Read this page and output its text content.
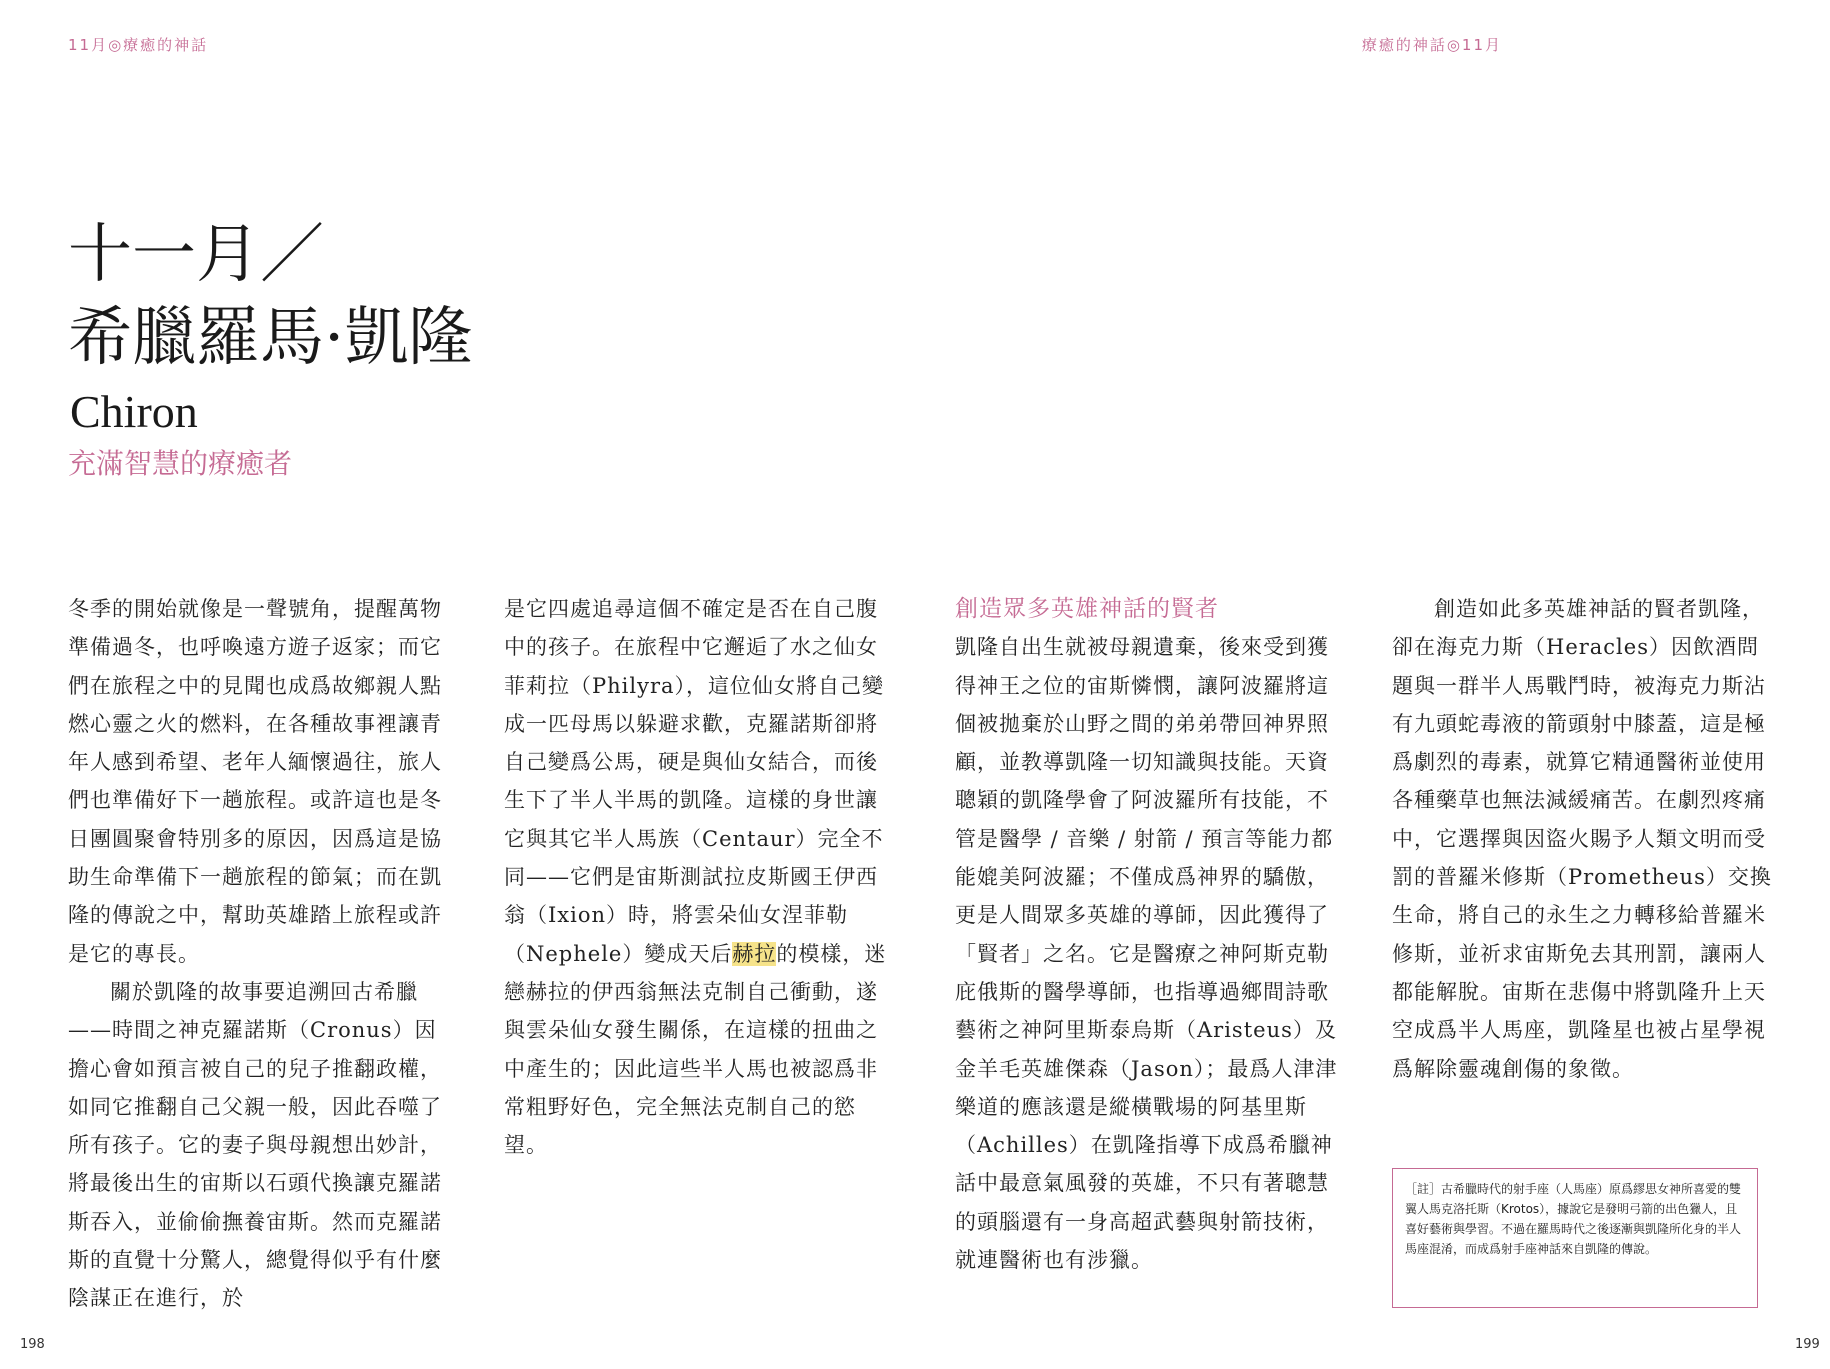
11月◎療癒的神話	療癒的神話◎11月
十一月／
希臘羅馬·凱隆
Chiron
充滿智慧的療癒者

冬季的開始就像是一聲號角，提醒萬物準備過冬，也呼喚遠方遊子返家；而它們在旅程之中的見聞也成爲故鄉親人點燃心靈之火的燃料，在各種故事裡讓青年人感到希望、老年人緬懷過往，旅人們也準備好下一趟旅程。或許這也是冬日團圓聚會特別多的原因，因爲這是協助生命準備下一趟旅程的節氣；而在凱隆的傳說之中，幫助英雄踏上旅程或許是它的專長。

關於凱隆的故事要追溯回古希臘——時間之神克羅諾斯（Cronus）因擔心會如預言被自己的兒子推翻政權，如同它推翻自己父親一般，因此吞噬了所有孩子。它的妻子與母親想出妙計，將最後出生的宙斯以石頭代換讓克羅諾斯吞入，並偷偷撫養宙斯。然而克羅諾斯的直覺十分驚人，總覺得似乎有什麼陰謀正在進行，於

是它四處追尋這個不確定是否在自己腹中的孩子。在旅程中它邂逅了水之仙女菲莉拉（Philyra），這位仙女將自己變成一匹母馬以躲避求歡，克羅諾斯卻將自己變爲公馬，硬是與仙女結合，而後生下了半人半馬的凱隆。這樣的身世讓它與其它半人馬族（Centaur）完全不同——它們是宙斯測試拉皮斯國王伊西翁（Ixion）時，將雲朵仙女涅菲勒（Nephele）變成天后赫拉的模樣，迷戀赫拉的伊西翁無法克制自己衝動，遂與雲朵仙女發生關係，在這樣的扭曲之中產生的；因此這些半人馬也被認爲非常粗野好色，完全無法克制自己的慾望。

創造眾多英雄神話的賢者

凱隆自出生就被母親遺棄，後來受到獲得神王之位的宙斯憐憫，讓阿波羅將這個被拋棄於山野之間的弟弟帶回神界照顧，並教導凱隆一切知識與技能。天資聰穎的凱隆學會了阿波羅所有技能，不管是醫學 / 音樂 / 射箭 / 預言等能力都能媲美阿波羅；不僅成爲神界的驕傲，更是人間眾多英雄的導師，因此獲得了「賢者」之名。它是醫療之神阿斯克勒庇俄斯的醫學導師，也指導過鄉間詩歌藝術之神阿里斯泰烏斯（Aristeus）及金羊毛英雄傑森（Jason）；最爲人津津樂道的應該還是縱橫戰場的阿基里斯（Achilles）在凱隆指導下成爲希臘神話中最意氣風發的英雄，不只有著聰慧的頭腦還有一身高超武藝與射箭技術，就連醫術也有涉獵。

創造如此多英雄神話的賢者凱隆，卻在海克力斯（Heracles）因飲酒問題與一群半人馬戰鬥時，被海克力斯沾有九頭蛇毒液的箭頭射中膝蓋，這是極爲劇烈的毒素，就算它精通醫術並使用各種藥草也無法減緩痛苦。在劇烈疼痛中，它選擇與因盜火賜予人類文明而受罰的普羅米修斯（Prometheus）交換生命，將自己的永生之力轉移給普羅米修斯，並祈求宙斯免去其刑罰，讓兩人都能解脫。宙斯在悲傷中將凱隆升上天空成爲半人馬座，凱隆星也被占星學視爲解除靈魂創傷的象徵。

［註］古希臘時代的射手座（人馬座）原爲繆思女神所喜愛的雙翼人馬克洛托斯（Krotos），據說它是發明弓箭的出色獵人，且喜好藝術與學習。不過在羅馬時代之後逐漸與凱隆所化身的半人馬座混淆，而成爲射手座神話來自凱隆的傳說。

198	199
